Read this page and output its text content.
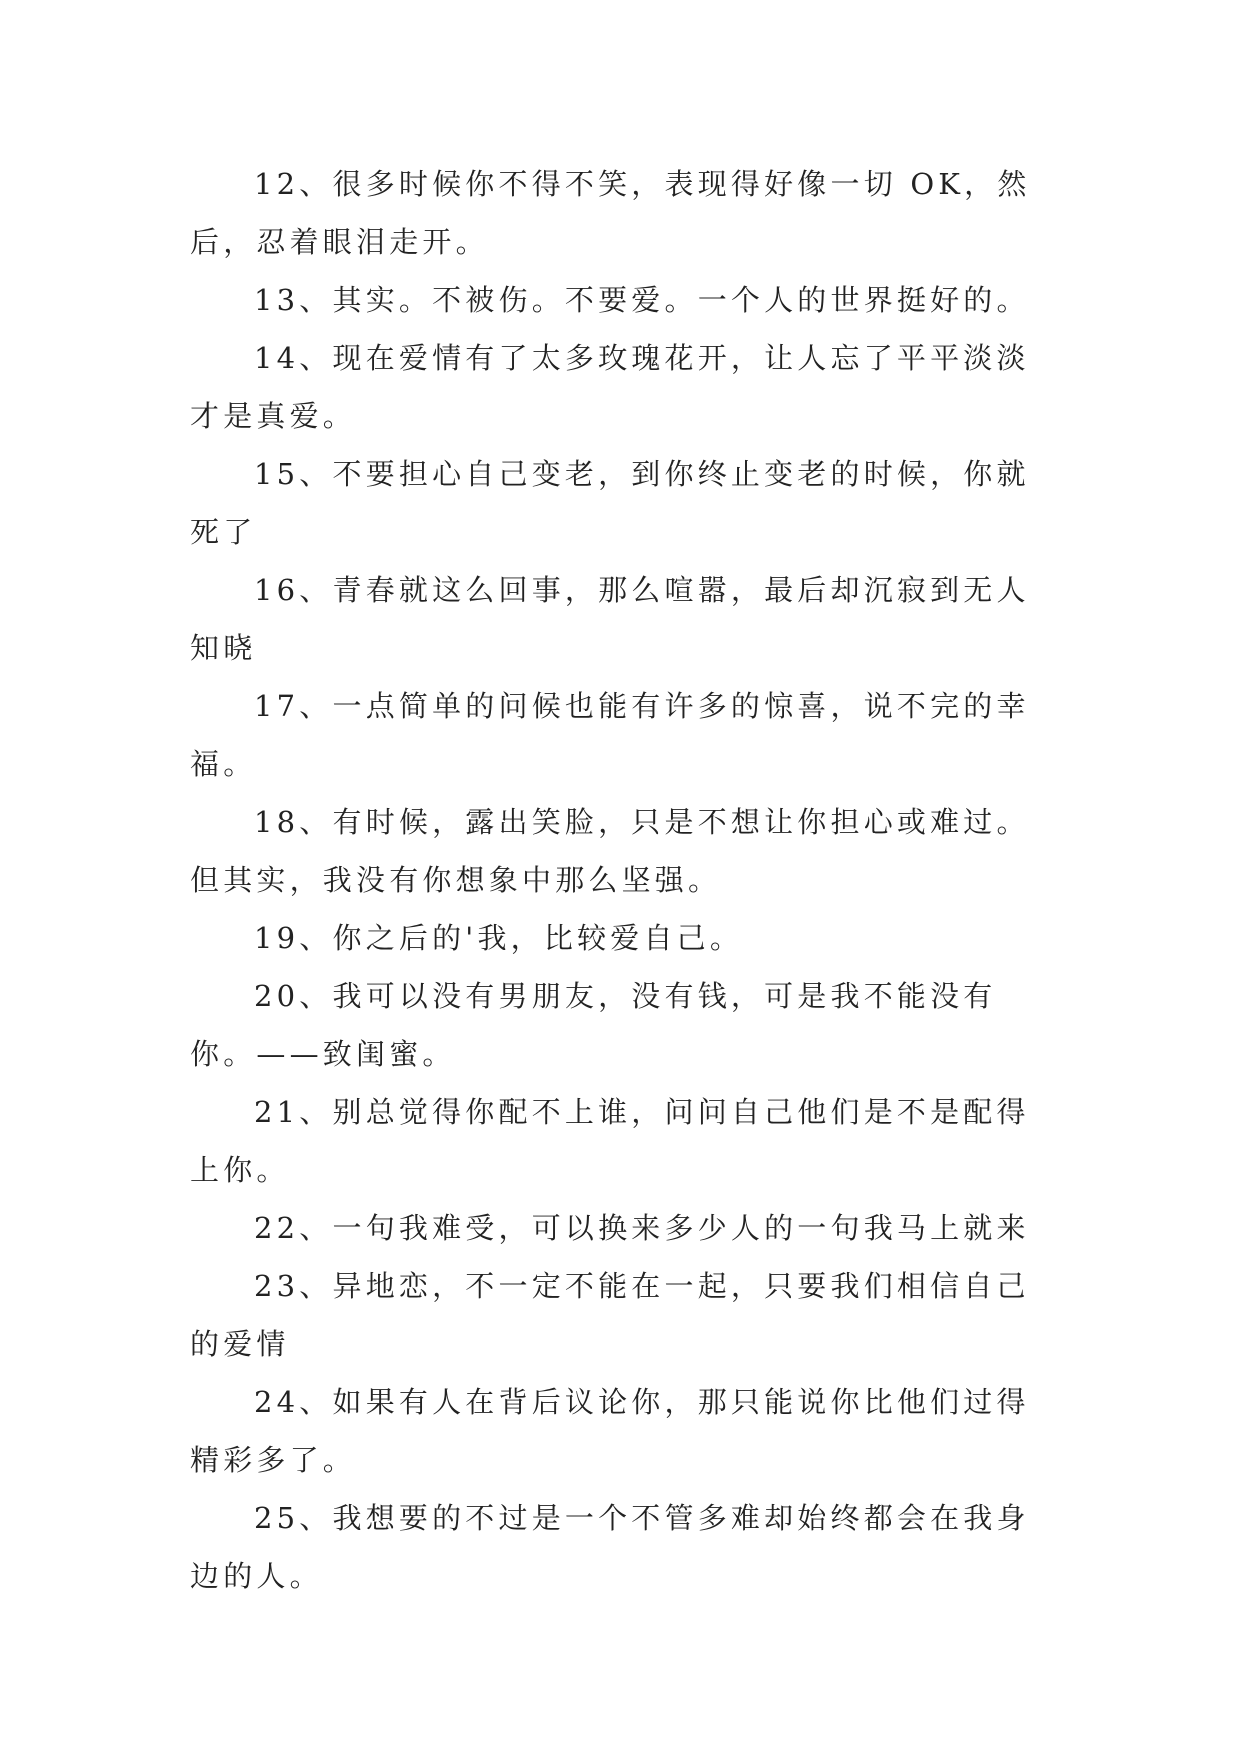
12、很多时候你不得不笑，表现得好像一切 OK，然后，忍着眼泪走开。

13、其实。不被伤。不要爱。一个人的世界挺好的。

14、现在爱情有了太多玫瑰花开，让人忘了平平淡淡才是真爱。

15、不要担心自己变老，到你终止变老的时候，你就死了

16、青春就这么回事，那么喧嚣，最后却沉寂到无人知晓

17、一点简单的问候也能有许多的惊喜，说不完的幸福。

18、有时候，露出笑脸，只是不想让你担心或难过。但其实，我没有你想象中那么坚强。

19、你之后的'我，比较爱自己。

20、我可以没有男朋友，没有钱，可是我不能没有你。——致闺蜜。

21、别总觉得你配不上谁，问问自己他们是不是配得上你。

22、一句我难受，可以换来多少人的一句我马上就来

23、异地恋，不一定不能在一起，只要我们相信自己的爱情

24、如果有人在背后议论你，那只能说你比他们过得精彩多了。

25、我想要的不过是一个不管多难却始终都会在我身边的人。
